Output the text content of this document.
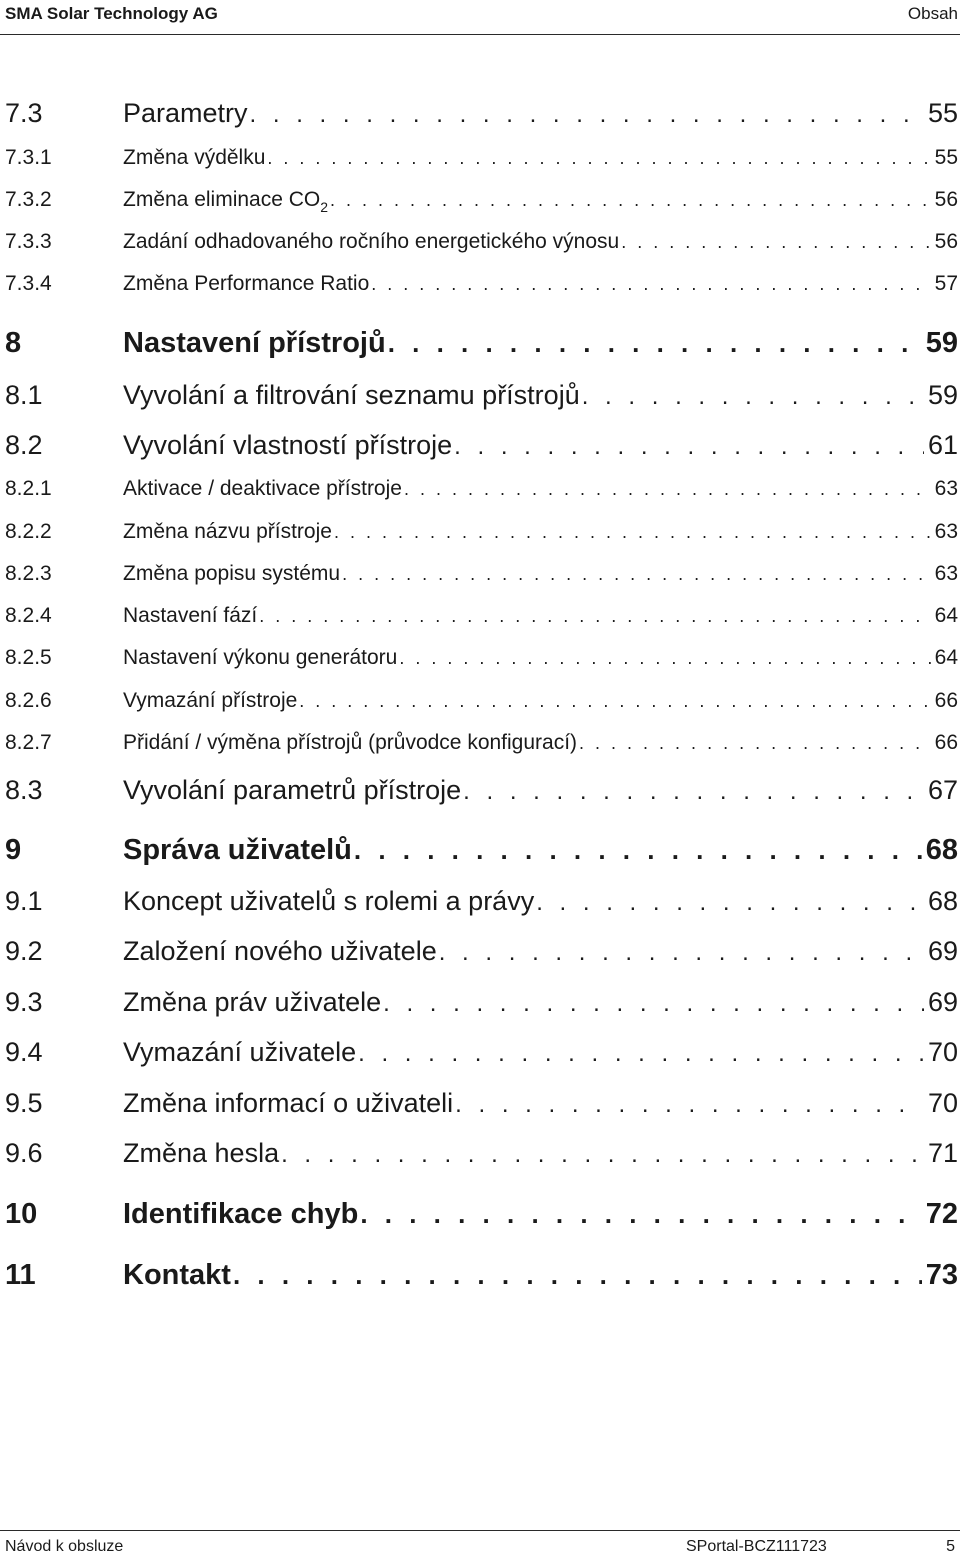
SMA Solar Technology AG	Obsah
7.3	Parametry . . .	55
7.3.1	Změna výdělku . . .	55
7.3.2	Změna eliminace $CO_2$ . . .	56
7.3.3	Zadání odhadovaného ročního energetického výnosu . . .	56
7.3.4	Změna Performance Ratio . . .	57
8	Nastavení přístrojů . . .	59
8.1	Vyvolání a filtrování seznamu přístrojů . . .	59
8.2	Vyvolání vlastností přístroje . . .	61
8.2.1	Aktivace / deaktivace přístroje . . .	63
8.2.2	Změna názvu přístroje . . .	63
8.2.3	Změna popisu systému . . .	63
8.2.4	Nastavení fází . . .	64
8.2.5	Nastavení výkonu generátoru . . .	64
8.2.6	Vymazání přístroje . . .	66
8.2.7	Přidání / výměna přístrojů (průvodce konfigurací) . . .	66
8.3	Vyvolání parametrů přístroje . . .	67
9	Správa uživatelů . . .	68
9.1	Koncept uživatelů s rolemi a právy . . .	68
9.2	Založení nového uživatele . . .	69
9.3	Změna práv uživatele . . .	69
9.4	Vymazání uživatele . . .	70
9.5	Změna informací o uživateli . . .	70
9.6	Změna hesla . . .	71
10	Identifikace chyb . . .	72
11	Kontakt . . .	73
Návod k obsluze	SPortal-BCZ111723	5
